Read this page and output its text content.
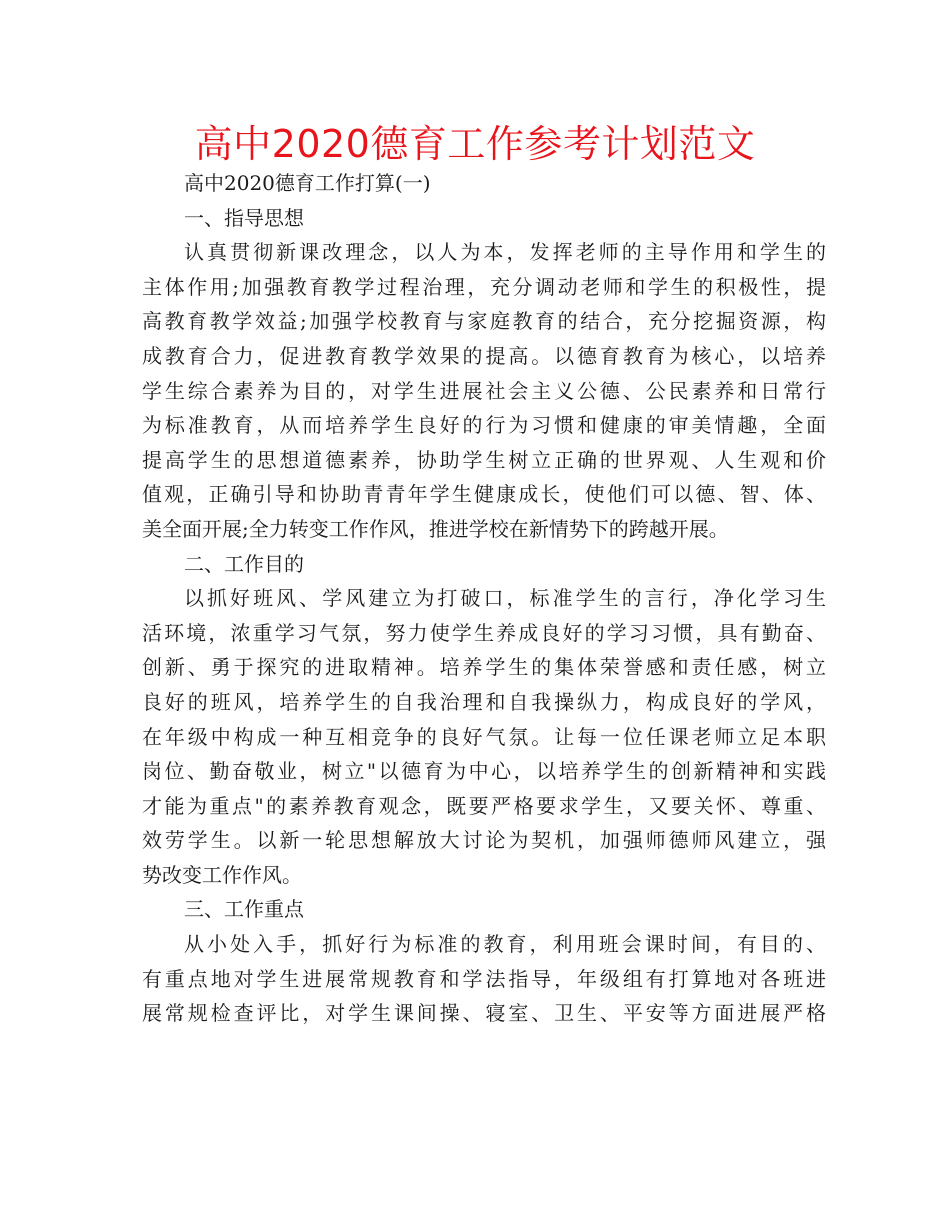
高中2020德育工作参考计划范文
高中2020德育工作打算(一)
一、指导思想
认真贯彻新课改理念，以人为本，发挥老师的主导作用和学生的
主体作用;加强教育教学过程治理，充分调动老师和学生的积极性，提
高教育教学效益;加强学校教育与家庭教育的结合，充分挖掘资源，构
成教育合力，促进教育教学效果的提高。以德育教育为核心，以培养
学生综合素养为目的，对学生进展社会主义公德、公民素养和日常行
为标准教育，从而培养学生良好的行为习惯和健康的审美情趣，全面
提高学生的思想道德素养，协助学生树立正确的世界观、人生观和价
值观，正确引导和协助青青年学生健康成长，使他们可以德、智、体、
美全面开展;全力转变工作作风，推进学校在新情势下的跨越开展。
二、工作目的
以抓好班风、学风建立为打破口，标准学生的言行，净化学习生
活环境，浓重学习气氛，努力使学生养成良好的学习习惯，具有勤奋、
创新、勇于探究的进取精神。培养学生的集体荣誉感和责任感，树立
良好的班风，培养学生的自我治理和自我操纵力，构成良好的学风，
在年级中构成一种互相竞争的良好气氛。让每一位任课老师立足本职
岗位、勤奋敬业，树立"以德育为中心，以培养学生的创新精神和实践
才能为重点"的素养教育观念，既要严格要求学生，又要关怀、尊重、
效劳学生。以新一轮思想解放大讨论为契机，加强师德师风建立，强
势改变工作作风。
三、工作重点
从小处入手，抓好行为标准的教育，利用班会课时间，有目的、
有重点地对学生进展常规教育和学法指导，年级组有打算地对各班进
展常规检查评比，对学生课间操、寝室、卫生、平安等方面进展严格
